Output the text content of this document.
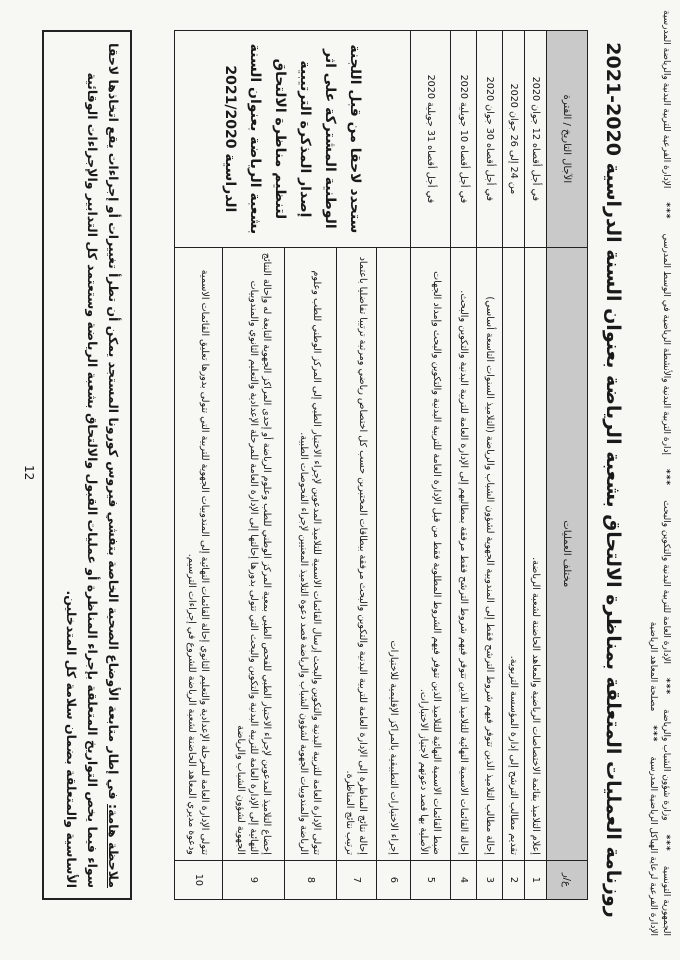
الجمهورية التونسية
***
وزارة شؤون الشباب والرياضة
***
الإدارة العامة للتربية البدنية والتكوين والبحث
***
إدارة التربية البدنية والأنشطة الرياضية في الوسط المدرسي
***
الإدارة الفرعية للتربية البدنية والرياضة المدرسية
الإدارة الفرعية لرعاية الهياكل الرياضية المدرسية
***
مصلحة المعاهد الرياضية
روزنامة العمليات المتعلقة بمناظرة الالتحاق بشعبة الرياضة بعنوان السنة الدراسية 2020-2021
ع/ر	مختلف العمليات	الآجال التاريخ / الفترة
1	إعلام التلاميذ بقائمة الاختصاصات الرياضية والمعاهد الحاضنة لشعبة الرياضة.	في أجل أقصاه 12 جوان 2020
2	تقديم مطالب الترشح إلى إدارة المؤسسة التربوية.	من 24 إلى 26 جوان 2020
3	إحالة مطالب التلاميذ الذين تتوفر فيهم شروط الترشح فقط إلى المندوبية الجهوية لشؤون الشباب والرياضة (التلاميذ السنوات التاسعة أساسي)	في أجل أقصاه 30 جوان 2020
4	إحالة القائمات الاسمية النهائية للتلاميذ الذين تتوفر فيهم شروط الترشح فقط مرفقة بمطالبهم إلى الإدارة العامة للتربية البدنية والتكوين والبحث.	في أجل أقصاه 10 جويلية 2020
5	ضبط القائمات الاسمية النهائية للتلاميذ الذين تتوفر فيهم الشروط المطلوبة فقط من قبل الإدارة العامة للتربية البدنية والتكوين والبحث وإمداد الجهات الأصلية بها قصد دعوتهم لاجتياز الاختبارات.	في أجل أقصاه 31 جويلية 2020
6	إجراء الاختبارات التطبيقية بالمراكز الإقليمية للاختبارات	ستحدد لاحقا من قبل اللجنة الوطنية المشتركة على اثر إصدار المذكرة الترتيبية لتنظيم مناظرة الالتحاق بشعبة الرياضة بعنوان السنة الدراسية 2021/2020
7	إحالة نتائج المناظرة إلى الإدارة العامة للتربية البدنية والتكوين والبحث مرفقة ببطاقات المختبرين حسب كل اختصاص رياضي ومرتبة ترتيبا تفاضليا باعتماد ترتيب نتائج المناظرة.	
8	تتولى الإدارة العامة للتربية البدنية والتكوين والبحث إرسال القائمات الاسمية للتلاميذ المدعوين لإجراء الاختبار الطبي إلى المركز الوطني للطب وعلوم الرياضة والمندوبيات الجهوية لشؤون الشباب والرياضة قصد دعوة التلاميذ المعنيين لإجراء الفحوصات الطبية.	
9	إخضاع التلاميذ المدعوين لإجراء الاختبار الطبي للفحص الطبي بمعية المركز الوطني للطب وعلوم الرياضة أو إحدى المراكز الجهوية التابعة له وإحالة النتائج النهائية إلى الإدارة العامة للتربية البدنية والتكوين والبحث التي تتولى بدورها إحالتها إلى الإدارة العامة للمرحلة الإعدادية والتعليم الثانوي والمندوبيات الجهوية لشؤون الشباب والرياضة	
10	تتولى الإدارة العامة للمرحلة الإعدادية والتعليم الثانوي إحالة القائمات النهائية إلى المندوبيات الجهوية للتربية التي تتولى بدورها تعليق القائمات الاسمية ودعوة مديري المعاهد الحاضنة لشعبة الرياضة للشروع في إجراءات الترسيم.	
ملاحظة هامة: في إطار متابعة الأوضاع الصحية الخاصة بتفشي فيروس كورونا المستجد يمكن أن تطرأ تغييرات أو إجراءات يقع اتخاذها لاحقا سواء فيما يخص التواريخ المتعلقة بإجراء المناظرة أو عمليات القبول والالتحاق بشعبة الرياضة وستعتمد كل التدابير والإجراءات الوقائية الأساسية والمتعلقة بضمان سلامة كل المتدخلين.
12
